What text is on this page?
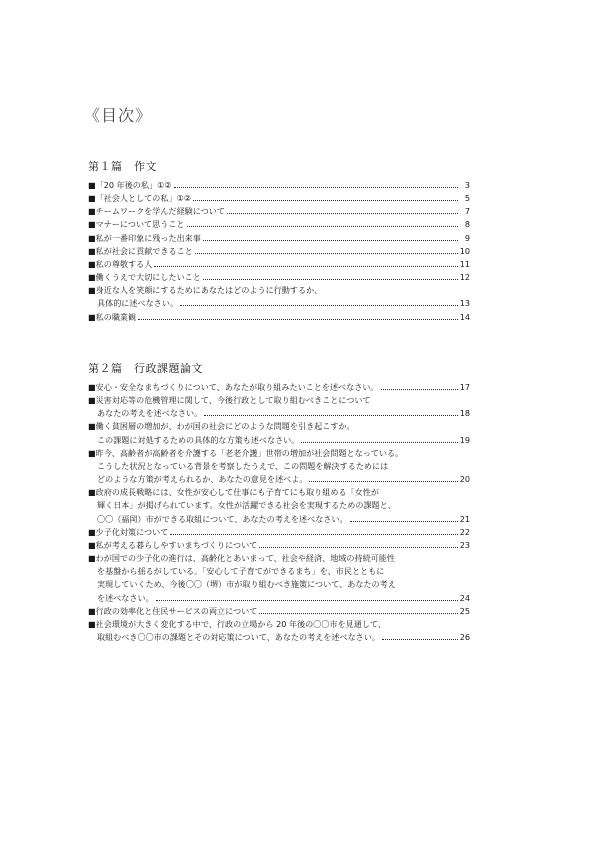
《目次》
第１篇　作文
■「20 年後の私」①②	3
■「社会人としての私」①②	5
■チームワークを学んだ経験について	7
■マナーについて思うこと	8
■私が一番印象に残った出来事	9
■私が社会に貢献できること	10
■私の尊敬する人	11
■働くうえで大切にしたいこと	12
■身近な人を笑顔にするためにあなたはどのように行動するか、
具体的に述べなさい。	13
■私の職業観	14
第２篇　行政課題論文
■安心・安全なまちづくりについて、あなたが取り組みたいことを述べなさい。	17
■災害対応等の危機管理に関して、今後行政として取り組むべきことについて
あなたの考えを述べなさい。	18
■働く貧困層の増加が、わが国の社会にどのような問題を引き起こすか。
この課題に対処するための具体的な方策も述べなさい。	19
■昨今、高齢者が高齢者を介護する「老老介護」世帯の増加が社会問題となっている。
こうした状況となっている背景を考察したうえで、この問題を解決するためには
どのような方策が考えられるか、あなたの意見を述べよ。	20
■政府の成長戦略には、女性が安心して仕事にも子育てにも取り組める「女性が
輝く日本」が掲げられています。女性が活躍できる社会を実現するための課題と、
〇〇（福岡）市ができる取組について、あなたの考えを述べなさい。	21
■少子化対策について	22
■私が考える暮らしやすいまちづくりについて	23
■わが国での少子化の進行は、高齢化とあいまって、社会や経済、地域の持続可能性
を基盤から揺るがしている。「安心して子育てができるまち」を、市民とともに
実現していくため、今後〇〇（堺）市が取り組むべき施策について、あなたの考え
を述べなさい。	24
■行政の効率化と住民サービスの両立について	25
■社会環境が大きく変化する中で、行政の立場から 20 年後の〇〇市を見通して、
取組むべき〇〇市の課題とその対応策について、あなたの考えを述べなさい。	26
